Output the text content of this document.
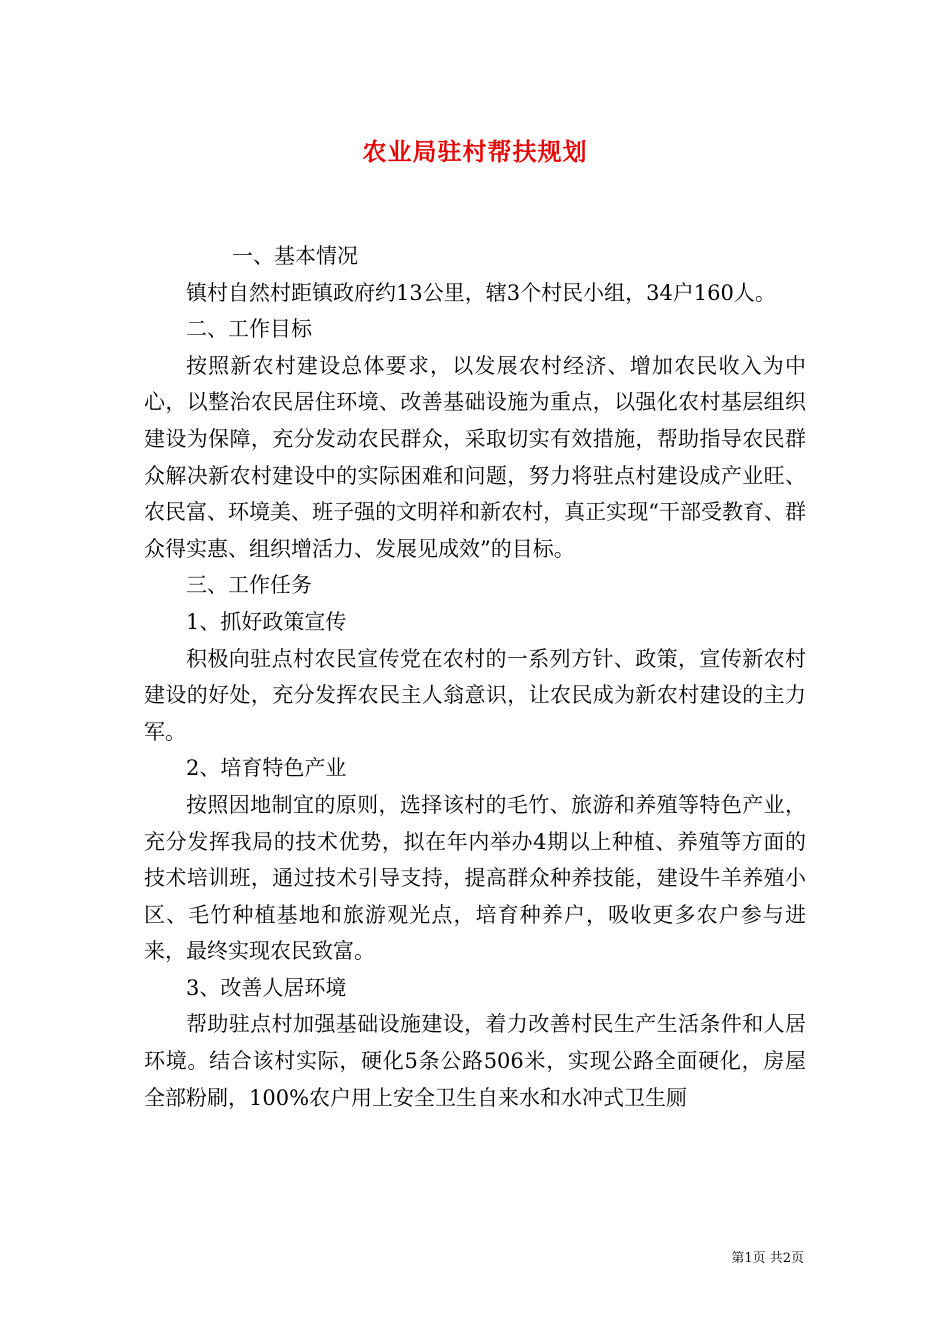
农业局驻村帮扶规划

一、基本情况

镇村自然村距镇政府约13公里，辖3个村民小组，34户160人。

二、工作目标

按照新农村建设总体要求，以发展农村经济、增加农民收入为中心，以整治农民居住环境、改善基础设施为重点，以强化农村基层组织建设为保障，充分发动农民群众，采取切实有效措施，帮助指导农民群众解决新农村建设中的实际困难和问题，努力将驻点村建设成产业旺、农民富、环境美、班子强的文明祥和新农村，真正实现“干部受教育、群众得实惠、组织增活力、发展见成效”的目标。

三、工作任务

1、抓好政策宣传

积极向驻点村农民宣传党在农村的一系列方针、政策，宣传新农村建设的好处，充分发挥农民主人翁意识，让农民成为新农村建设的主力军。

2、培育特色产业

按照因地制宜的原则，选择该村的毛竹、旅游和养殖等特色产业，充分发挥我局的技术优势，拟在年内举办4期以上种植、养殖等方面的技术培训班，通过技术引导支持，提高群众种养技能，建设牛羊养殖小区、毛竹种植基地和旅游观光点，培育种养户，吸收更多农户参与进来，最终实现农民致富。

3、改善人居环境

帮助驻点村加强基础设施建设，着力改善村民生产生活条件和人居环境。结合该村实际，硬化5条公路506米，实现公路全面硬化，房屋全部粉刷，100%农户用上安全卫生自来水和水冲式卫生厕

第1页 共2页
